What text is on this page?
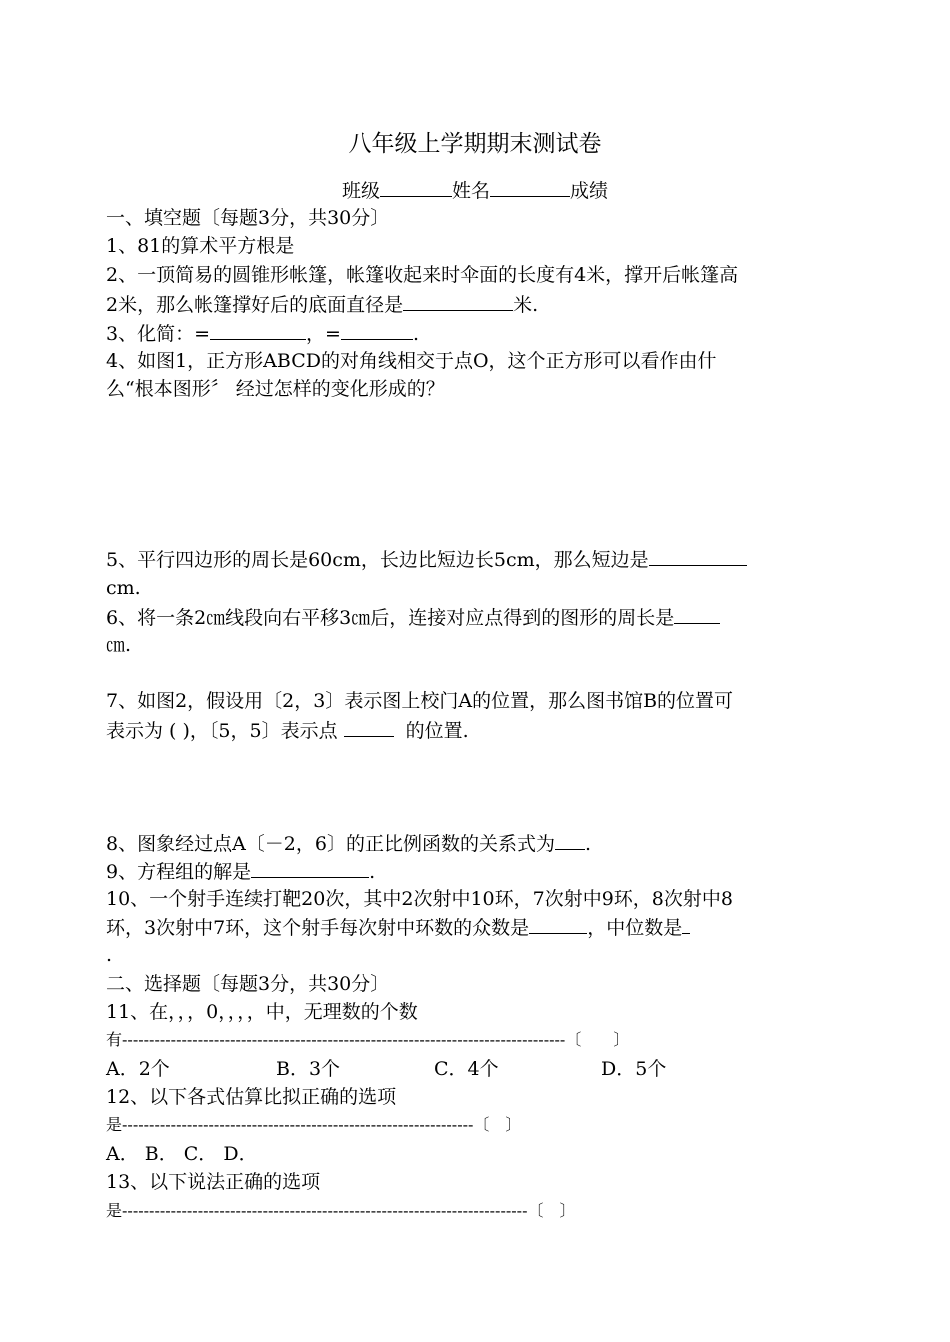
八年级上学期期末测试卷
班级	姓名	成绩
一、填空题〔每题3分，共30分〕
1、81的算术平方根是
2、一顶简易的圆锥形帐篷，帐篷收起来时伞面的长度有4米，撑开后帐篷高
2米，那么帐篷撑好后的底面直径是	米.
3、化简：=	，=	.
4、如图1，正方形ABCD的对角线相交于点O，这个正方形可以看作由什
么“根本图形〞 经过怎样的变化形成的？
5、平行四边形的周长是60cm，长边比短边长5cm，那么短边是
cm.
6、将一条2㎝线段向右平移3㎝后，连接对应点得到的图形的周长是
㎝.
7、如图2，假设用〔2，3〕表示图上校门A的位置，那么图书馆B的位置可
表示为 ( )，〔5，5〕表示点	的位置.
8、图象经过点A〔－2，6〕的正比例函数的关系式为 .
9、方程组的解是	.
10、一个射手连续打靶20次，其中2次射中10环，7次射中9环，8次射中8
环，3次射中7环，这个射手每次射中环数的众数是	，中位数是
.
二、选择题〔每题3分，共30分〕
11、在，，，0，，，，中，无理数的个数
有----------------------------------------------------------------------------------〔　　〕
A．2个	B．3个	C．4个	D．5个
12、以下各式估算比拟正确的选项
是-----------------------------------------------------------------〔　〕
A． B． C． D．
13、以下说法正确的选项
是---------------------------------------------------------------------------〔　〕
